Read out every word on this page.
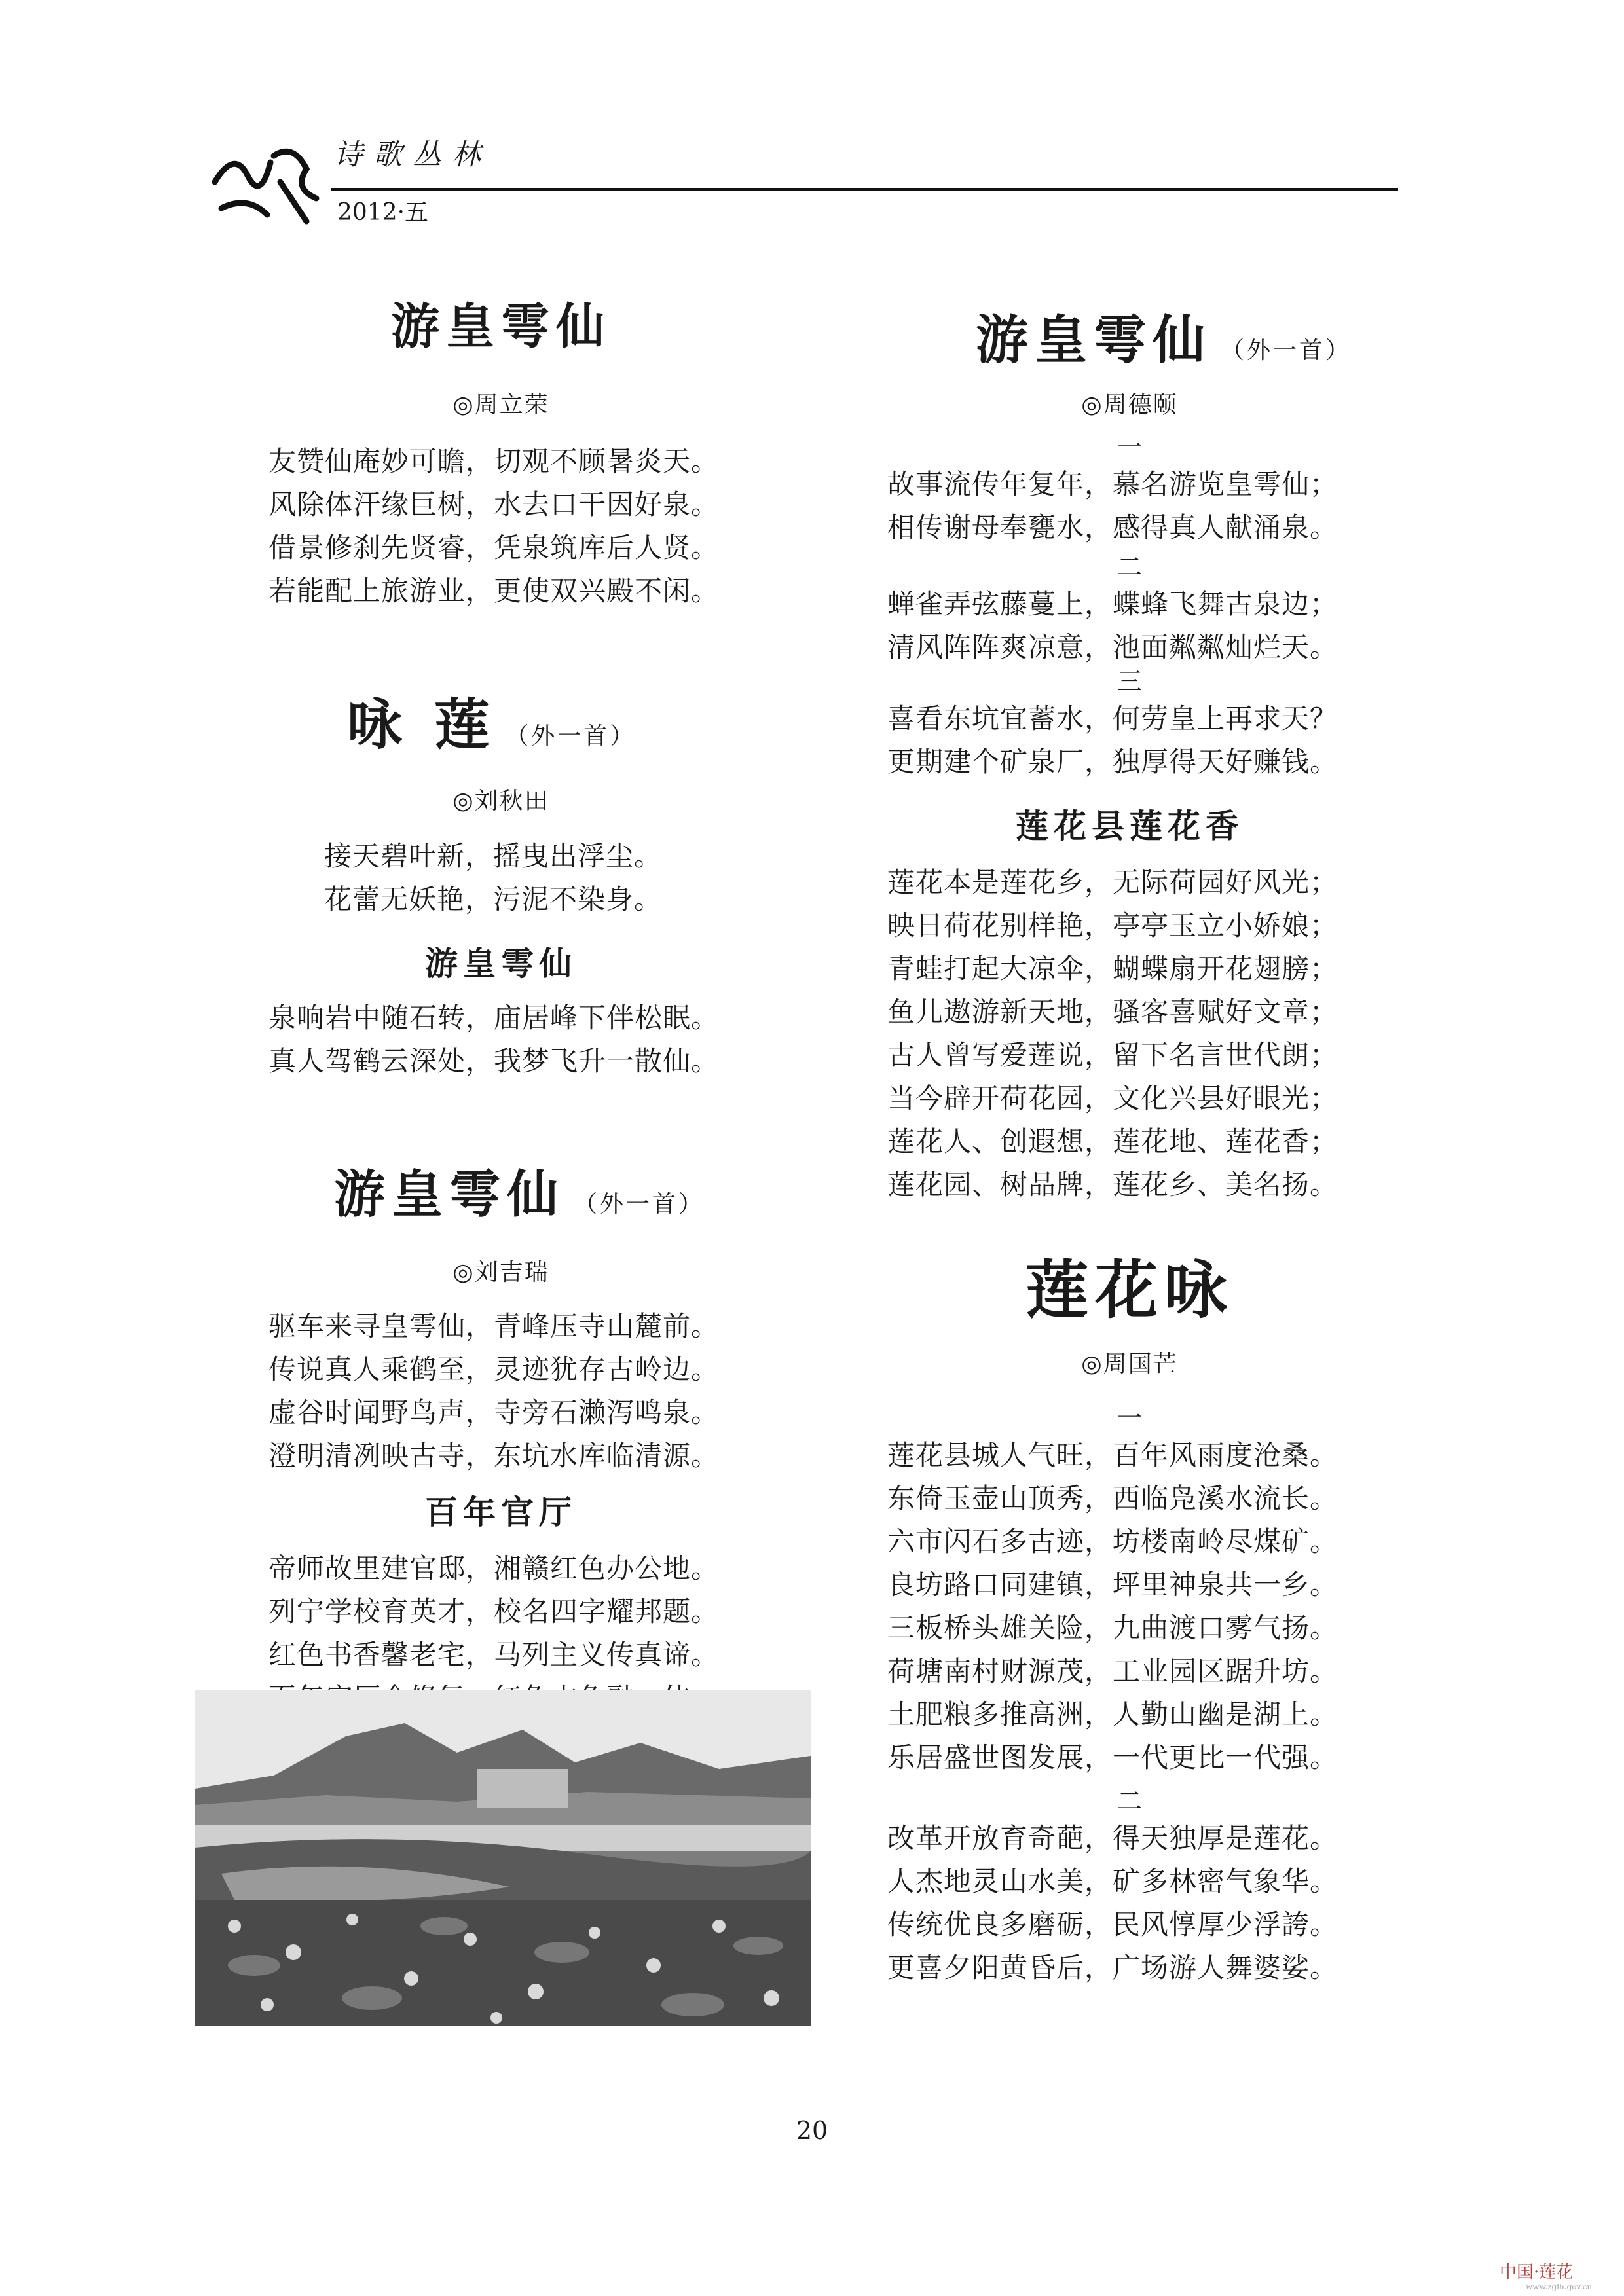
诗歌丛林
2012·五
游皇雩仙
◎周立荣
友赞仙庵妙可瞻，切观不顾暑炎天。
风除体汗缘巨树，水去口干因好泉。
借景修刹先贤睿，凭泉筑库后人贤。
若能配上旅游业，更使双兴殿不闲。
咏 莲 （外一首）
◎刘秋田
接天碧叶新，摇曳出浮尘。
花蕾无妖艳，污泥不染身。
游皇雩仙
泉响岩中随石转，庙居峰下伴松眠。
真人驾鹤云深处，我梦飞升一散仙。
游皇雩仙 （外一首）
◎刘吉瑞
驱车来寻皇雩仙，青峰压寺山麓前。
传说真人乘鹤至，灵迹犹存古岭边。
虚谷时闻野鸟声，寺旁石濑泻鸣泉。
澄明清冽映古寺，东坑水库临清源。
百年官厅
帝师故里建官邸，湘赣红色办公地。
列宁学校育英才，校名四字耀邦题。
红色书香馨老宅，马列主义传真谛。
游皇雩仙 （外一首）
◎周德颐
一
故事流传年复年，慕名游览皇雩仙；
相传谢母奉甕水，感得真人献涌泉。
二
蝉雀弄弦藤蔓上，蝶蜂飞舞古泉边；
清风阵阵爽凉意，池面粼粼灿烂天。
三
喜看东坑宜蓄水，何劳皇上再求天？
更期建个矿泉厂，独厚得天好赚钱。
莲花县莲花香
莲花本是莲花乡，无际荷园好风光；
映日荷花别样艳，亭亭玉立小娇娘；
青蛙打起大凉伞，蝴蝶扇开花翅膀；
鱼儿遨游新天地，骚客喜赋好文章；
古人曾写爱莲说，留下名言世代朗；
当今辟开荷花园，文化兴县好眼光；
莲花人、创遐想，莲花地、莲花香；
莲花园、树品牌，莲花乡、美名扬。
莲花咏
◎周国芒
一
莲花县城人气旺，百年风雨度沧桑。
东倚玉壶山顶秀，西临凫溪水流长。
六市闪石多古迹，坊楼南岭尽煤矿。
良坊路口同建镇，坪里神泉共一乡。
三板桥头雄关险，九曲渡口雾气扬。
荷塘南村财源茂，工业园区踞升坊。
土肥粮多推高洲，人勤山幽是湖上。
乐居盛世图发展，一代更比一代强。
二
改革开放育奇葩，得天独厚是莲花。
人杰地灵山水美，矿多林密气象华。
传统优良多磨砺，民风惇厚少浮誇。
更喜夕阳黄昏后，广场游人舞婆娑。
20
中国·莲花
www.zglh.gov.cn
